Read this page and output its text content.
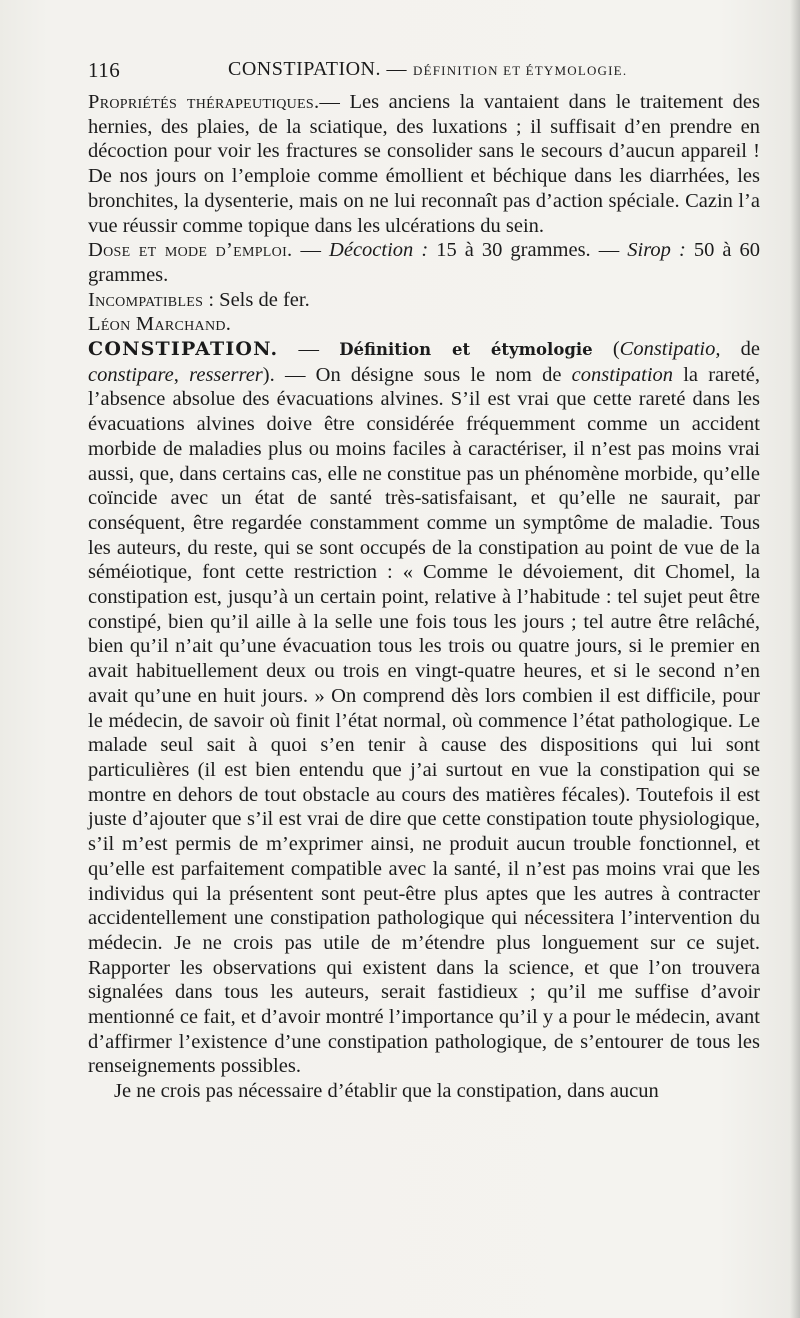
116	CONSTIPATION. — DÉFINITION ET ÉTYMOLOGIE.

Propriétés thérapeutiques.— Les anciens la vantaient dans le traitement des hernies, des plaies, de la sciatique, des luxations ; il suffisait d’en prendre en décoction pour voir les fractures se consolider sans le secours d’aucun appareil ! De nos jours on l’emploie comme émollient et béchique dans les diarrhées, les bronchites, la dysenterie, mais on ne lui reconnaît pas d’action spéciale. Cazin l’a vue réussir comme topique dans les ulcérations du sein.

Dose et mode d’emploi. — Décoction : 15 à 30 grammes. — Sirop : 50 à 60 grammes.

Incompatibles : Sels de fer.

Léon Marchand.

CONSTIPATION. — Définition et étymologie (Constipatio, de constipare, resserrer). — On désigne sous le nom de constipation la rareté, l’absence absolue des évacuations alvines. S’il est vrai que cette rareté dans les évacuations alvines doive être considérée fréquemment comme un accident morbide de maladies plus ou moins faciles à caractériser, il n’est pas moins vrai aussi, que, dans certains cas, elle ne constitue pas un phénomène morbide, qu’elle coïncide avec un état de santé très-satisfaisant, et qu’elle ne saurait, par conséquent, être regardée constamment comme un symptôme de maladie. Tous les auteurs, du reste, qui se sont occupés de la constipation au point de vue de la séméiotique, font cette restriction : « Comme le dévoiement, dit Chomel, la constipation est, jusqu’à un certain point, relative à l’habitude : tel sujet peut être constipé, bien qu’il aille à la selle une fois tous les jours ; tel autre être relâché, bien qu’il n’ait qu’une évacuation tous les trois ou quatre jours, si le premier en avait habituellement deux ou trois en vingt-quatre heures, et si le second n’en avait qu’une en huit jours. » On comprend dès lors combien il est difficile, pour le médecin, de savoir où finit l’état normal, où commence l’état pathologique. Le malade seul sait à quoi s’en tenir à cause des dispositions qui lui sont particulières (il est bien entendu que j’ai surtout en vue la constipation qui se montre en dehors de tout obstacle au cours des matières fécales). Toutefois il est juste d’ajouter que s’il est vrai de dire que cette constipation toute physiologique, s’il m’est permis de m’exprimer ainsi, ne produit aucun trouble fonctionnel, et qu’elle est parfaitement compatible avec la santé, il n’est pas moins vrai que les individus qui la présentent sont peut-être plus aptes que les autres à contracter accidentellement une constipation pathologique qui nécessitera l’intervention du médecin. Je ne crois pas utile de m’étendre plus longuement sur ce sujet. Rapporter les observations qui existent dans la science, et que l’on trouvera signalées dans tous les auteurs, serait fastidieux ; qu’il me suffise d’avoir mentionné ce fait, et d’avoir montré l’importance qu’il y a pour le médecin, avant d’affirmer l’existence d’une constipation pathologique, de s’entourer de tous les renseignements possibles.

Je ne crois pas nécessaire d’établir que la constipation, dans aucun
